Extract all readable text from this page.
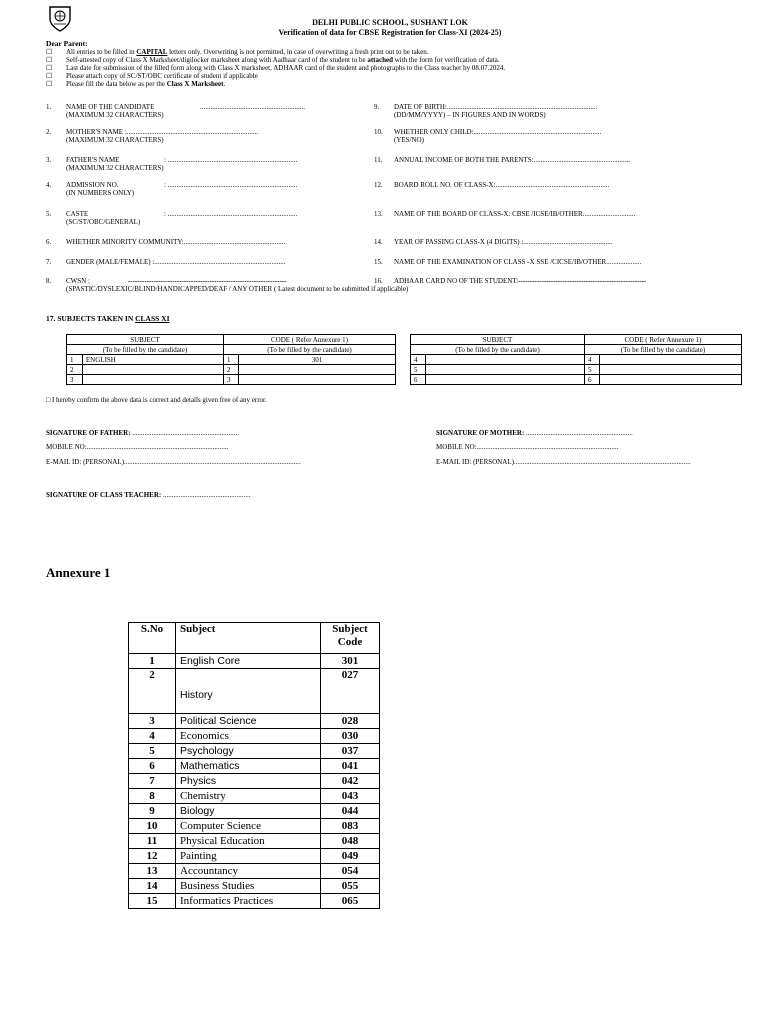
DELHI PUBLIC SCHOOL, SUSHANT LOK
Verification of data for CBSE Registration for Class-XI (2024-25)
Dear Parent:
☐ All entries to be filled in CAPITAL letters only. Overwriting is not permitted, in case of overwriting a fresh print out to be taken.
☐ Self-attested copy of Class X Marksheet/digilocker marksheet along with Aadhaar card of the student to be attached with the form for verification of data.
☐ Last date for submission of the filled form along with Class X marksheet, ADHAAR card of the student and photographs to the Class teacher by 08.07.2024.
☐ Please attach copy of SC/ST/OBC certificate of student if applicable
☐ Please fill the data below as per the Class X Marksheet.
1. NAME OF THE CANDIDATE	............................................................
(MAXIMUM 32 CHARACTERS)
2. MOTHER'S NAME :...........................................................................
(MAXIMUM 32 CHARACTERS)
3. FATHER'S NAME	: ..........................................................................
(MAXIMUM 32 CHARACTERS)
4. ADMISSION NO.	: ..........................................................................
(IN NUMBERS ONLY)
5. CASTE	: ..........................................................................
(SC/ST/OBC/GENERAL)
6. WHETHER MINORITY COMMUNITY:..........................................................
7. GENDER (MALE/FEMALE) :...........................................................................
8. CWSN :	--------------------------------------------------------------------
(SPASTIC/DYSLEXIC/BLIND/HANDICAPPED/DEAF / ANY OTHER ( Latest document to be submitted if applicable)
9. DATE OF BIRTH:......................................................................................
(DD/MM/YYYY) – IN FIGURES AND IN WORDS)
10. WHETHER ONLY CHILD:.........................................................................
(YES/NO)
11. ANNUAL INCOME OF BOTH THE PARENTS:.......................................................
12. BOARD ROLL NO. OF CLASS-X:.................................................................
13. NAME OF THE BOARD OF CLASS-X: CBSE /ICSE/IB/OTHER..............................
14. YEAR OF PASSING CLASS-X (4 DIGITS) :...................................................
15. NAME OF THE EXAMINATION OF CLASS -X SSE /CICSE/IB/OTHER....................
16. ADHAAR CARD NO OF THE STUDENT:-------------------------------------------------------
17. SUBJECTS TAKEN IN CLASS XI
SUBJECT		CODE ( Refer Annexure 1)	
(To be filled by the candidate)		(To be filled by the candidate)	
1	ENGLISH	1	301
2		2	
3		3	
SUBJECT		CODE ( Refer Annexure 1)	
(To be filled by the candidate)		(To be filled by the candidate)	
4		4	
5		5	
6		6	
□ I hereby confirm the above data is correct and details given free of any error.
SIGNATURE OF FATHER: .............................................................
MOBILE NO:.................................................................................
E-MAIL ID: (PERSONAL).....................................................................................................
SIGNATURE OF MOTHER: .............................................................
MOBILE NO:.................................................................................
E-MAIL ID: (PERSONAL).....................................................................................................
SIGNATURE OF CLASS TEACHER: ..................................................
Annexure 1
S.No	Subject	Subject Code
1	English Core	301
2	History	027
3	Political Science	028
4	Economics	030
5	Psychology	037
6	Mathematics	041
7	Physics	042
8	Chemistry	043
9	Biology	044
10	Computer Science	083
11	Physical Education	048
12	Painting	049
13	Accountancy	054
14	Business Studies	055
15	Informatics Practices	065
